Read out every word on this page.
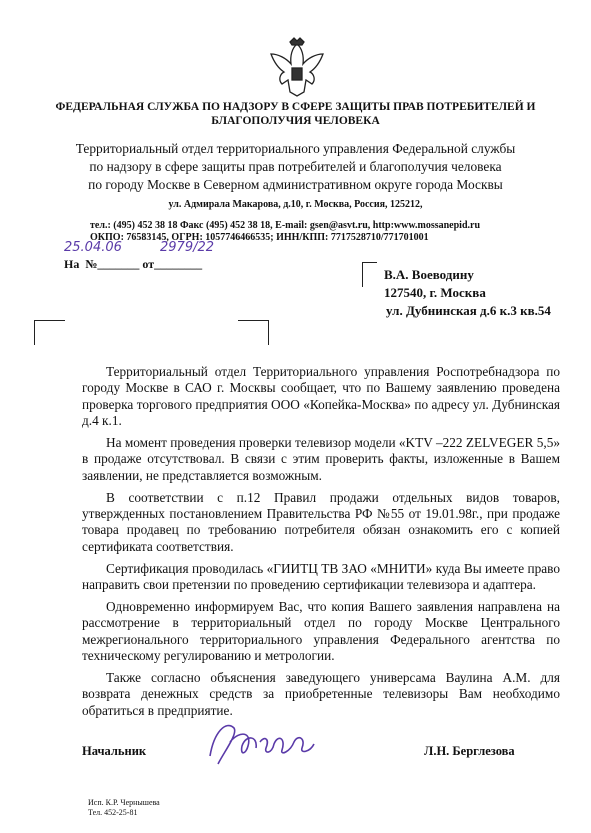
ФЕДЕРАЛЬНАЯ СЛУЖБА ПО НАДЗОРУ В СФЕРЕ ЗАЩИТЫ ПРАВ ПОТРЕБИТЕЛЕЙ И БЛАГОПОЛУЧИЯ ЧЕЛОВЕКА
Территориальный отдел территориального управления Федеральной службы
по надзору в сфере защиты прав потребителей и благополучия человека
по городу Москве в Северном административном округе города Москвы
ул. Адмирала Макарова, д.10, г. Москва, Россия, 125212,
тел.: (495) 452 38 18 Факс (495) 452 38 18, E-mail: gsen@asvt.ru, http:www.mossanepid.ru
ОКПО: 76583145, ОГРН: 1057746466535; ИНН/КПП: 7717528710/771701001
25.04.06	2979/22
На  №_______ от________
В.А. Воеводину
127540, г. Москва
ул. Дубнинская д.6 к.3 кв.54

Территориальный отдел Территориального управления Роспотребнадзора по городу Москве в САО г. Москвы сообщает, что по Вашему заявлению проведена проверка торгового предприятия ООО «Копейка-Москва» по адресу ул. Дубнинская д.4 к.1.

На момент проведения проверки телевизор модели «KTV –222 ZELVEGER 5,5» в продаже отсутствовал. В связи с этим проверить факты, изложенные в Вашем заявлении, не представляется возможным.

В соответствии с п.12 Правил продажи отдельных видов товаров, утвержденных постановлением Правительства РФ №55 от 19.01.98г., при продаже товара продавец по требованию потребителя обязан ознакомить его с копией сертификата соответствия.

Сертификация проводилась «ГИИТЦ ТВ ЗАО «МНИТИ» куда Вы имеете право направить свои претензии по проведению сертификации телевизора и адаптера.

Одновременно информируем Вас, что копия Вашего заявления направлена на рассмотрение в территориальный отдел по городу Москве Центрального межрегионального территориального управления Федерального агентства по техническому регулированию и метрологии.

Также согласно объяснения заведующего универсама Ваулина А.М. для возврата денежных средств за приобретенные телевизоры Вам необходимо обратиться в предприятие.

Начальник	Л.Н. Берглезова
Исп. К.Р. Чернышева
Тел. 452-25-81
